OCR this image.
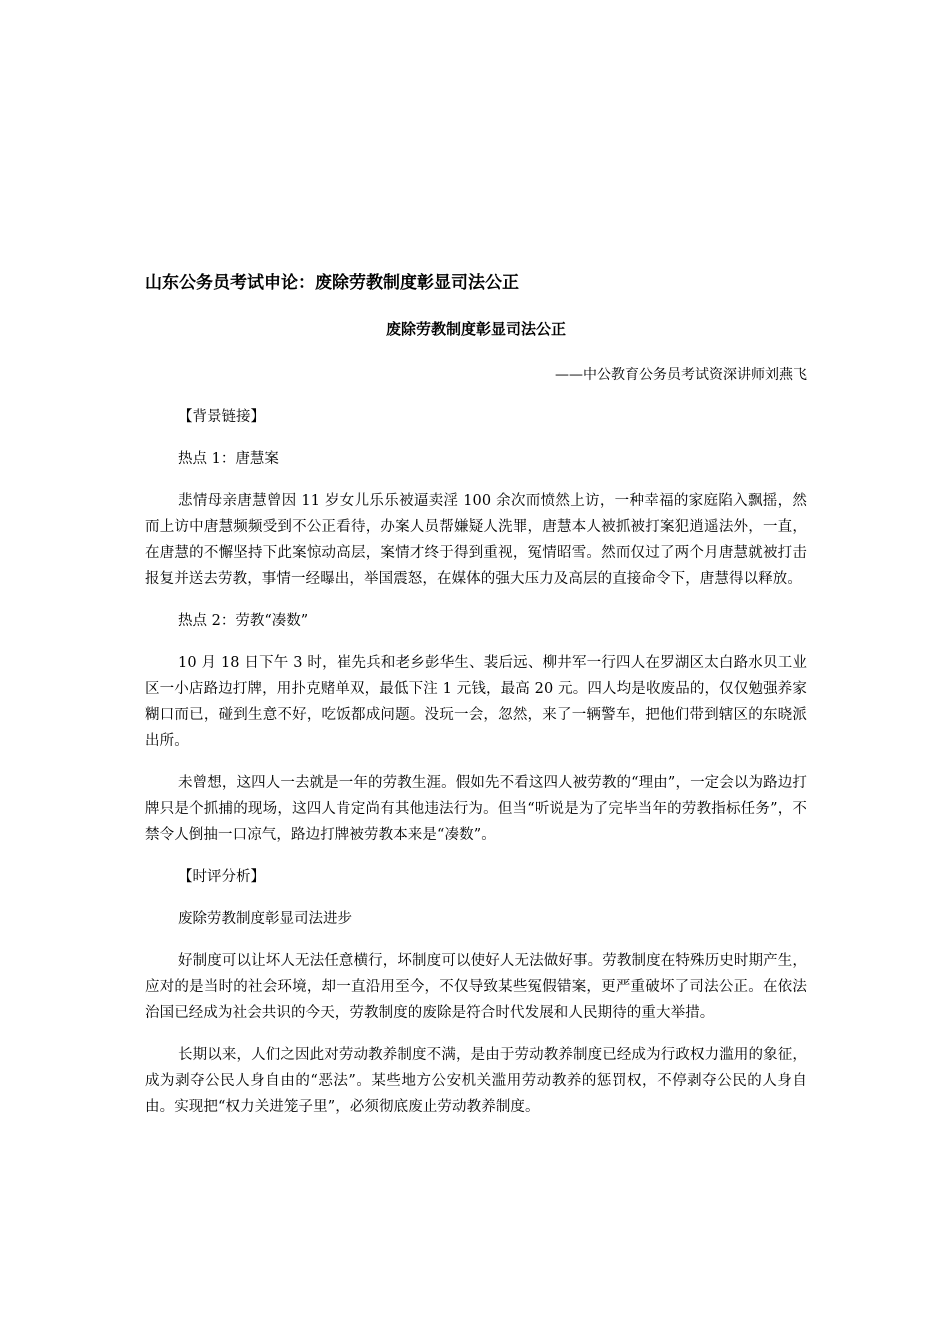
山东公务员考试申论：废除劳教制度彰显司法公正
废除劳教制度彰显司法公正
——中公教育公务员考试资深讲师刘燕飞
【背景链接】
热点 1：唐慧案

悲情母亲唐慧曾因 11 岁女儿乐乐被逼卖淫 100 余次而愤然上访，一种幸福的家庭陷入飘摇，然而上访中唐慧频频受到不公正看待，办案人员帮嫌疑人洗罪，唐慧本人被抓被打案犯逍遥法外，一直，在唐慧的不懈坚持下此案惊动高层，案情才终于得到重视，冤情昭雪。然而仅过了两个月唐慧就被打击报复并送去劳教，事情一经曝出，举国震怒，在媒体的强大压力及高层的直接命令下，唐慧得以释放。

热点 2：劳教“凑数”

10 月 18 日下午 3 时，崔先兵和老乡彭华生、裴后远、柳井军一行四人在罗湖区太白路水贝工业区一小店路边打牌，用扑克赌单双，最低下注 1 元钱，最高 20 元。四人均是收废品的，仅仅勉强养家糊口而已，碰到生意不好，吃饭都成问题。没玩一会，忽然，来了一辆警车，把他们带到辖区的东晓派出所。

未曾想，这四人一去就是一年的劳教生涯。假如先不看这四人被劳教的“理由”，一定会以为路边打牌只是个抓捕的现场，这四人肯定尚有其他违法行为。但当“听说是为了完毕当年的劳教指标任务”，不禁令人倒抽一口凉气，路边打牌被劳教本来是“凑数”。

【时评分析】
废除劳教制度彰显司法进步

好制度可以让坏人无法任意横行，坏制度可以使好人无法做好事。劳教制度在特殊历史时期产生，应对的是当时的社会环境，却一直沿用至今，不仅导致某些冤假错案，更严重破坏了司法公正。在依法治国已经成为社会共识的今天，劳教制度的废除是符合时代发展和人民期待的重大举措。

长期以来，人们之因此对劳动教养制度不满，是由于劳动教养制度已经成为行政权力滥用的象征，成为剥夺公民人身自由的“恶法”。某些地方公安机关滥用劳动教养的惩罚权，不停剥夺公民的人身自由。实现把“权力关进笼子里”，必须彻底废止劳动教养制度。
